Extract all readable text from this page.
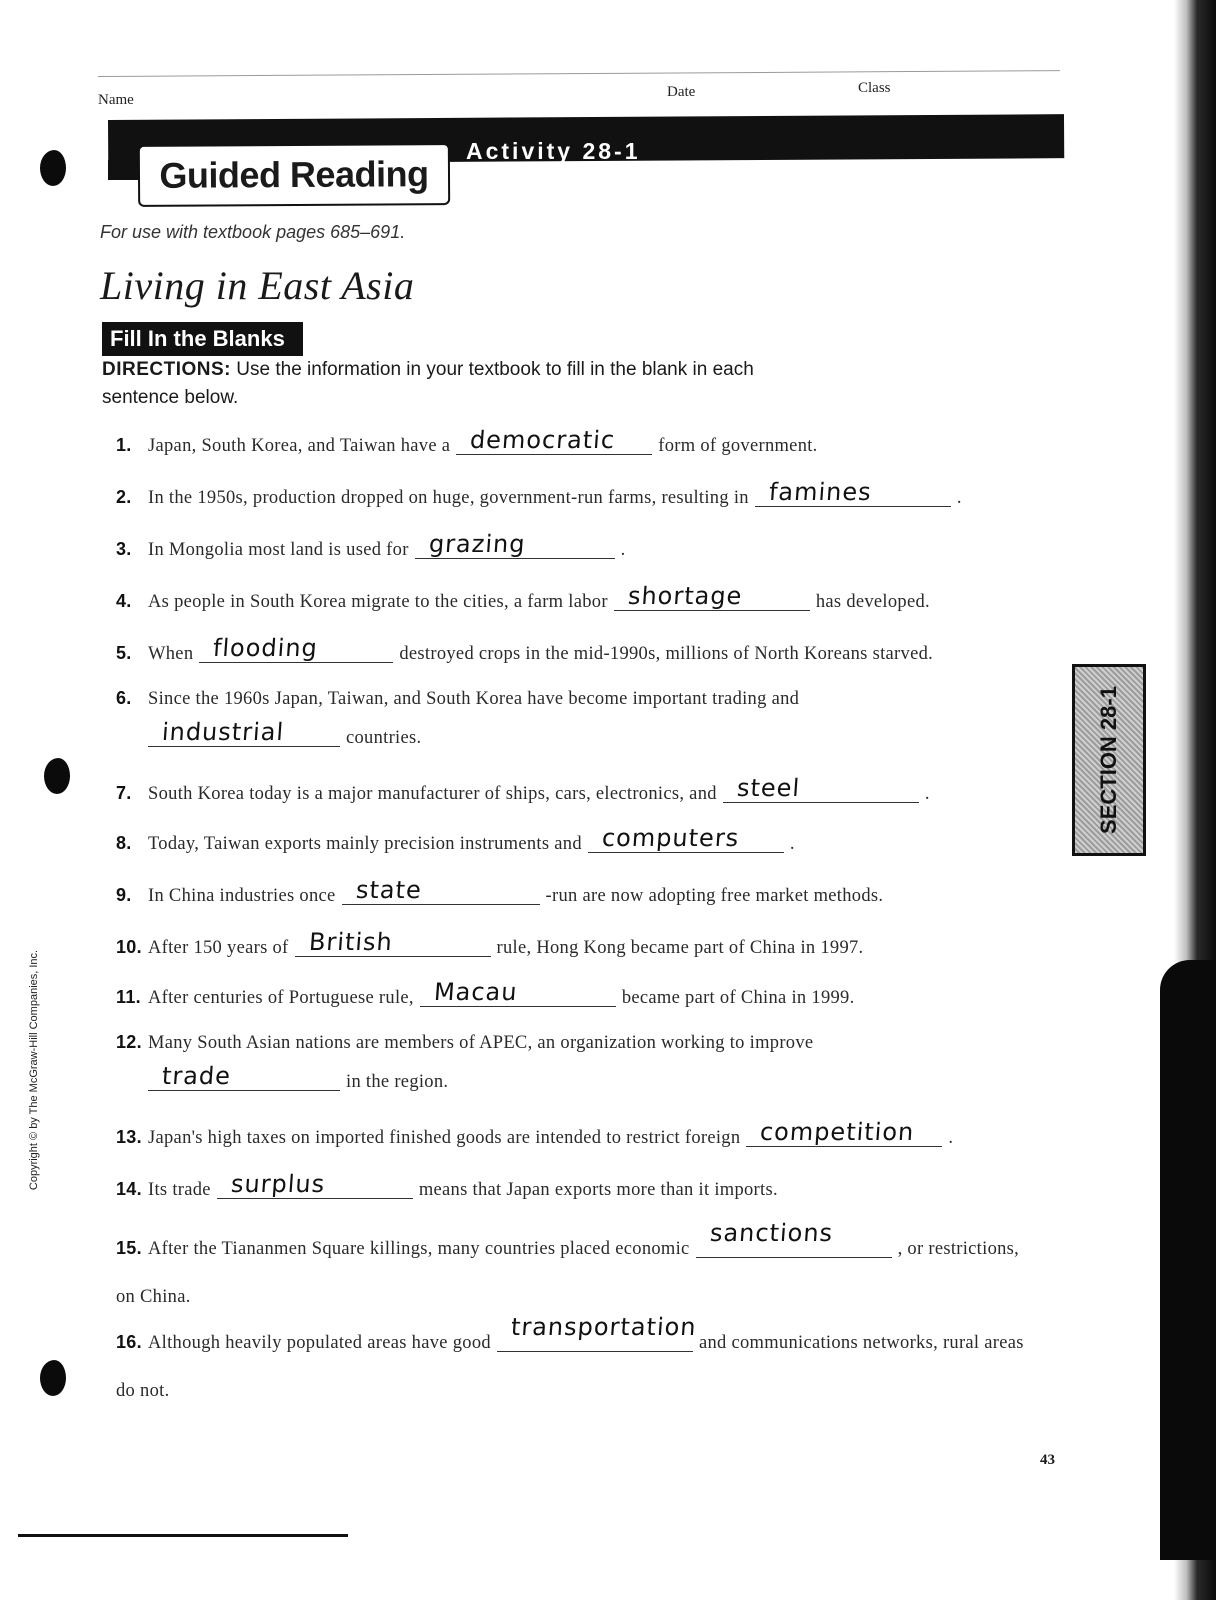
Name	Date	Class
Guided Reading
Activity 28-1
For use with textbook pages 685–691.
Living in East Asia
Fill In the Blanks
DIRECTIONS: Use the information in your textbook to fill in the blank in each sentence below.
1. Japan, South Korea, and Taiwan have a democratic form of government.
2. In the 1950s, production dropped on huge, government-run farms, resulting in famines	.
3. In Mongolia most land is used for grazing	.
4. As people in South Korea migrate to the cities, a farm labor shortage	has developed.
5. When flooding	destroyed crops in the mid-1990s, millions of North Koreans starved.
6. Since the 1960s Japan, Taiwan, and South Korea have become important trading and
industrial	countries.
7. South Korea today is a major manufacturer of ships, cars, electronics, and steel	.
8. Today, Taiwan exports mainly precision instruments and computers	.
9. In China industries once state	-run are now adopting free market methods.
10. After 150 years of British	rule, Hong Kong became part of China in 1997.
11. After centuries of Portuguese rule, Macau	became part of China in 1999.
12. Many South Asian nations are members of APEC, an organization working to improve
trade	in the region.
13. Japan's high taxes on imported finished goods are intended to restrict foreign competition .
14. Its trade surplus	means that Japan exports more than it imports.
15. After the Tiananmen Square killings, many countries placed economic
sanctions
, or restrictions, on China.
16. Although heavily populated areas have good
transportation
and communications networks, rural areas do not.
SECTION 28-1
Copyright © by The McGraw-Hill Companies, Inc.
43
